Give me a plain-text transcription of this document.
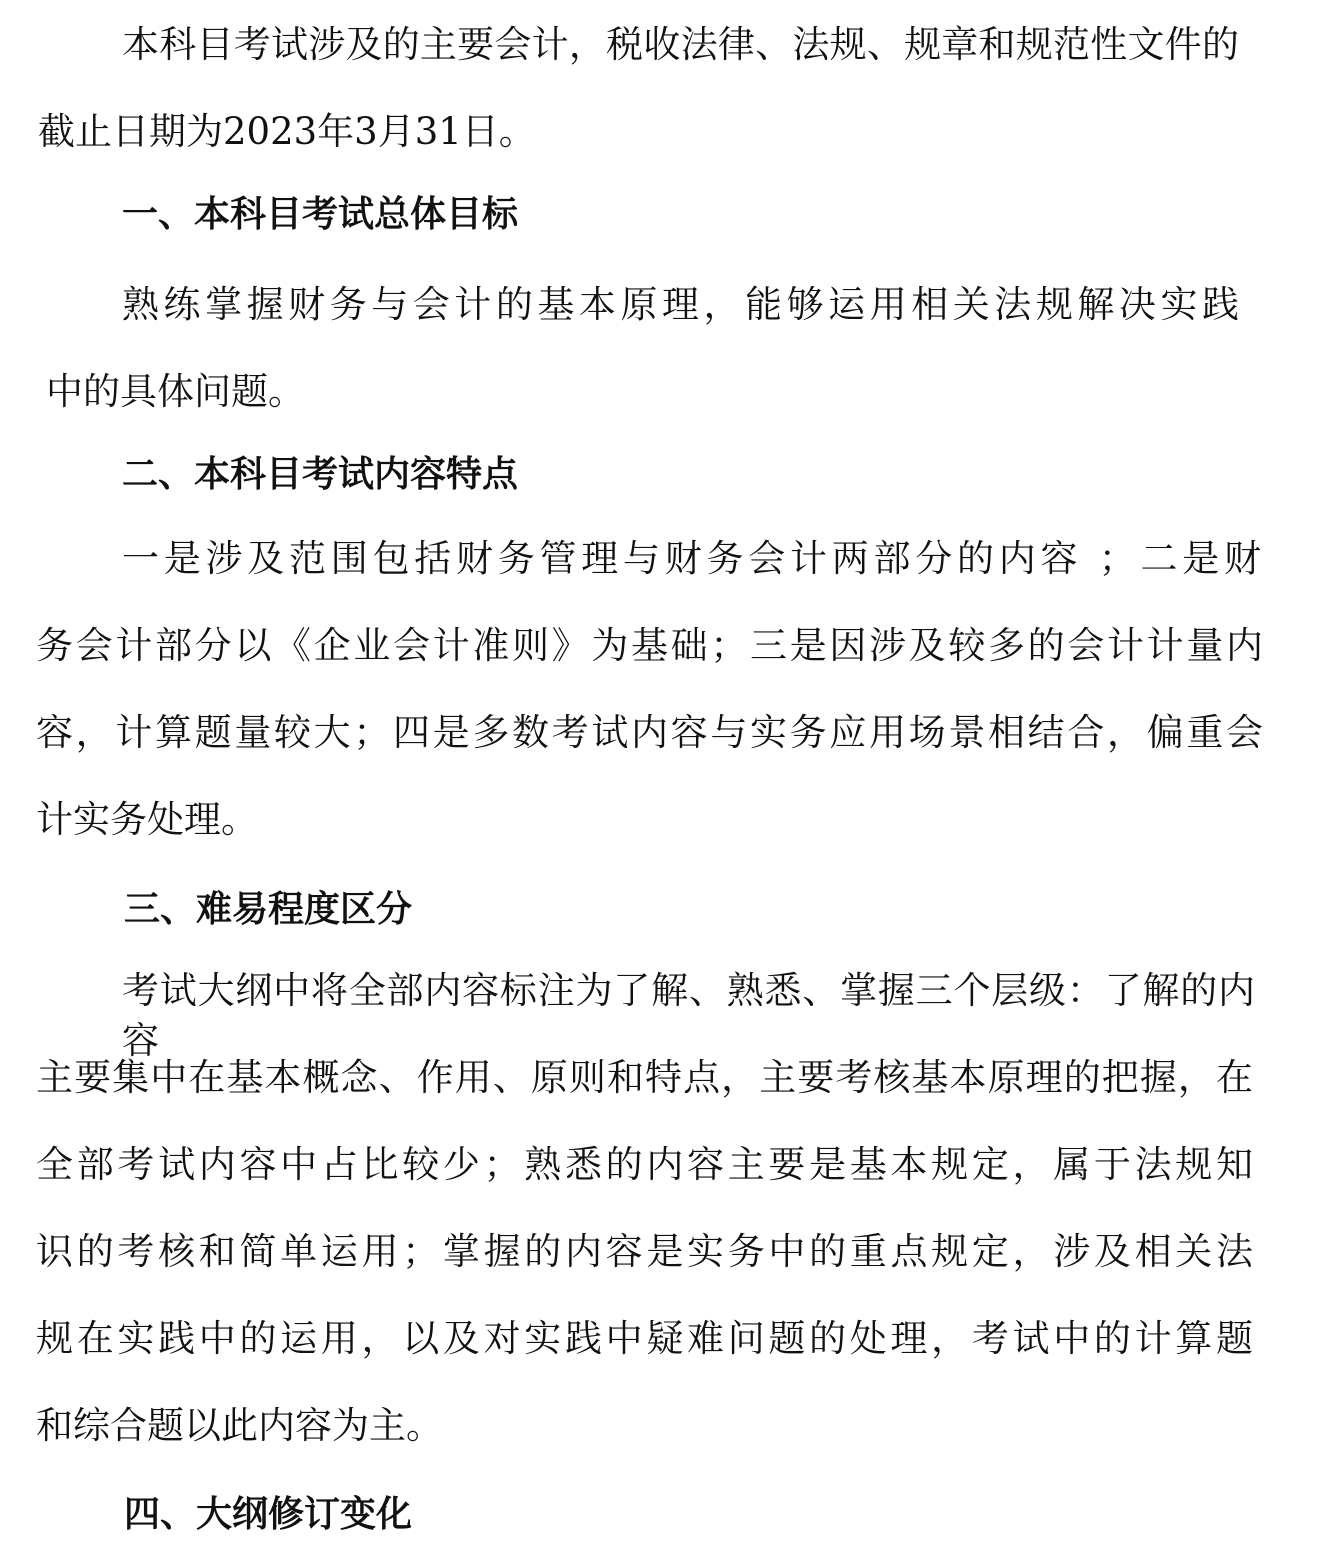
本科目考试涉及的主要会计，税收法律、法规、规章和规范性文件的
截止日期为2023年3月31日。
一、本科目考试总体目标
熟练掌握财务与会计的基本原理，能够运用相关法规解决实践
中的具体问题。
二、本科目考试内容特点
一是涉及范围包括财务管理与财务会计两部分的内容 ；二是财
务会计部分以《企业会计准则》为基础；三是因涉及较多的会计计量内
容，计算题量较大；四是多数考试内容与实务应用场景相结合，偏重会
计实务处理。
三、难易程度区分
考试大纲中将全部内容标注为了解、熟悉、掌握三个层级：了解的内容
主要集中在基本概念、作用、原则和特点，主要考核基本原理的把握，在
全部考试内容中占比较少；熟悉的内容主要是基本规定，属于法规知
识的考核和简单运用；掌握的内容是实务中的重点规定，涉及相关法
规在实践中的运用，以及对实践中疑难问题的处理，考试中的计算题
和综合题以此内容为主。
四、大纲修订变化
